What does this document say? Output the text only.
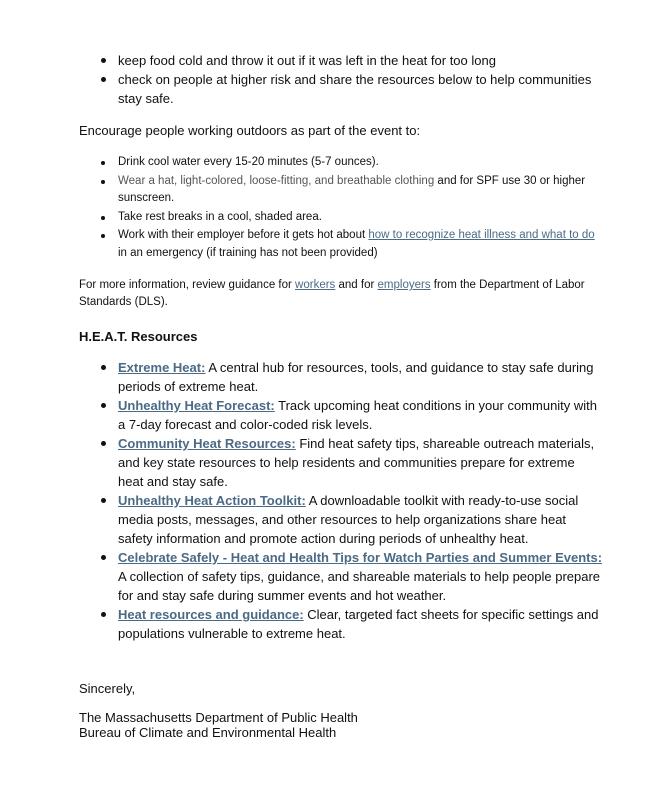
keep food cold and throw it out if it was left in the heat for too long
check on people at higher risk and share the resources below to help communities stay safe.

Encourage people working outdoors as part of the event to:

Drink cool water every 15-20 minutes (5-7 ounces).
Wear a hat, light-colored, loose-fitting, and breathable clothing and for SPF use 30 or higher sunscreen.
Take rest breaks in a cool, shaded area.
Work with their employer before it gets hot about how to recognize heat illness and what to do in an emergency (if training has not been provided)

For more information, review guidance for workers and for employers from the Department of Labor Standards (DLS).

H.E.A.T. Resources
Extreme Heat: A central hub for resources, tools, and guidance to stay safe during periods of extreme heat.
Unhealthy Heat Forecast: Track upcoming heat conditions in your community with a 7-day forecast and color-coded risk levels.
Community Heat Resources: Find heat safety tips, shareable outreach materials, and key state resources to help residents and communities prepare for extreme heat and stay safe.
Unhealthy Heat Action Toolkit: A downloadable toolkit with ready-to-use social media posts, messages, and other resources to help organizations share heat safety information and promote action during periods of unhealthy heat.
Celebrate Safely - Heat and Health Tips for Watch Parties and Summer Events: A collection of safety tips, guidance, and shareable materials to help people prepare for and stay safe during summer events and hot weather.
Heat resources and guidance: Clear, targeted fact sheets for specific settings and populations vulnerable to extreme heat.

Sincerely,

The Massachusetts Department of Public Health

Bureau of Climate and Environmental Health
